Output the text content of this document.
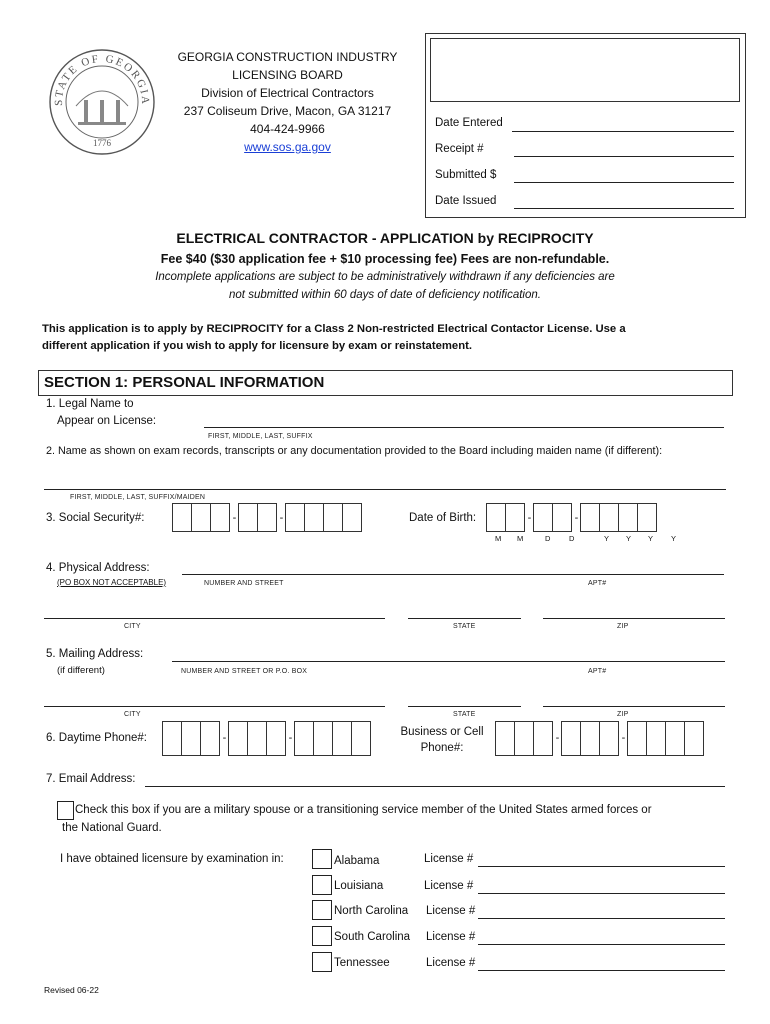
STATE OF GEORGIA
1776
GEORGIA CONSTRUCTION INDUSTRY
LICENSING BOARD
Division of Electrical Contractors
237 Coliseum Drive, Macon, GA 31217
404-424-9966
www.sos.ga.gov
Date Entered
Receipt #
Submitted $
Date Issued
ELECTRICAL CONTRACTOR - APPLICATION by RECIPROCITY
Fee $40 ($30 application fee + $10 processing fee) Fees are non-refundable.
Incomplete applications are subject to be administratively withdrawn if any deficiencies are
not submitted within 60 days of date of deficiency notification.
This application is to apply by RECIPROCITY for a Class 2 Non-restricted Electrical Contactor License. Use a
different application if you wish to apply for licensure by exam or reinstatement.
SECTION 1: PERSONAL INFORMATION
1. Legal Name to
Appear on License:
FIRST, MIDDLE, LAST, SUFFIX
2. Name as shown on exam records, transcripts or any documentation provided to the Board including maiden name (if different):
FIRST, MIDDLE, LAST, SUFFIX/MAIDEN
3. Social Security#:	-	-	Date of Birth:	-	-
M M	D D	Y Y Y Y
4. Physical Address:
(PO BOX NOT ACCEPTABLE)	NUMBER AND STREET	APT#
CITY	STATE	ZIP
5. Mailing Address:
(if different)	NUMBER AND STREET OR P.O. BOX	APT#
CITY	STATE	ZIP
6. Daytime Phone#:	-	-	Business or Cell
Phone#:
-	-
7. Email Address:
Check this box if you are a military spouse or a transitioning service member of the United States armed forces or
the National Guard.
I have obtained licensure by examination in:	Alabama	License #
Louisiana	License #
North Carolina License #
South Carolina License #
Tennessee	License #
Revised 06-22
